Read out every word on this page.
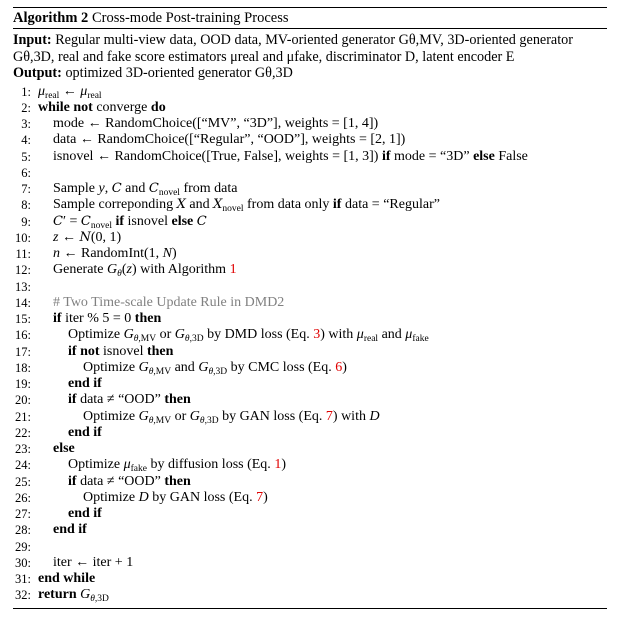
Algorithm 2 Cross-mode Post-training Process
Input: Regular multi-view data, OOD data, MV-oriented generator Gθ,MV, 3D-oriented generator Gθ,3D, real and fake score estimators μreal and μfake, discriminator D, latent encoder E
Output: optimized 3D-oriented generator Gθ,3D
1: $\mu_{real}$ ← $\mu_{real}$
2: while not converge do
3:	mode ← RandomChoice([“MV”, “3D”], weights = [1, 4])
4:	data ← RandomChoice([“Regular”, “OOD”], weights = [2, 1])
5:	isnovel ← RandomChoice([True, False], weights = [1, 3]) if mode = “3D” else False
6:
7:	Sample y, C and $C_{novel}$ from data
8:	Sample correponding X and $X_{novel}$ from data only if data = “Regular”
9:	$C' = C_{novel}$ if isnovel else C
10:	z ← N(0, 1)
11:	n ← RandomInt(1, N)
12:	Generate $G_\theta(z)$ with Algorithm 1
13:
14:	# Two Time-scale Update Rule in DMD2
15:	if iter % 5 = 0 then
16:	Optimize $G_{\theta,MV}$ or $G_{\theta,3D}$ by DMD loss (Eq. 3) with $\mu_{real}$ and $\mu_{fake}$
17:	if not isnovel then
18:	Optimize $G_{\theta,MV}$ and $G_{\theta,3D}$ by CMC loss (Eq. 6)
19:	end if
20:	if data ≠ “OOD” then
21:	Optimize $G_{\theta,MV}$ or $G_{\theta,3D}$ by GAN loss (Eq. 7) with D
22:	end if
23:	else
24:	Optimize $\mu_{fake}$ by diffusion loss (Eq. 1)
25:	if data ≠ “OOD” then
26:	Optimize D by GAN loss (Eq. 7)
27:	end if
28:	end if
29:
30:	iter ← iter + 1
31: end while
32: return $G_{\theta,3D}$
